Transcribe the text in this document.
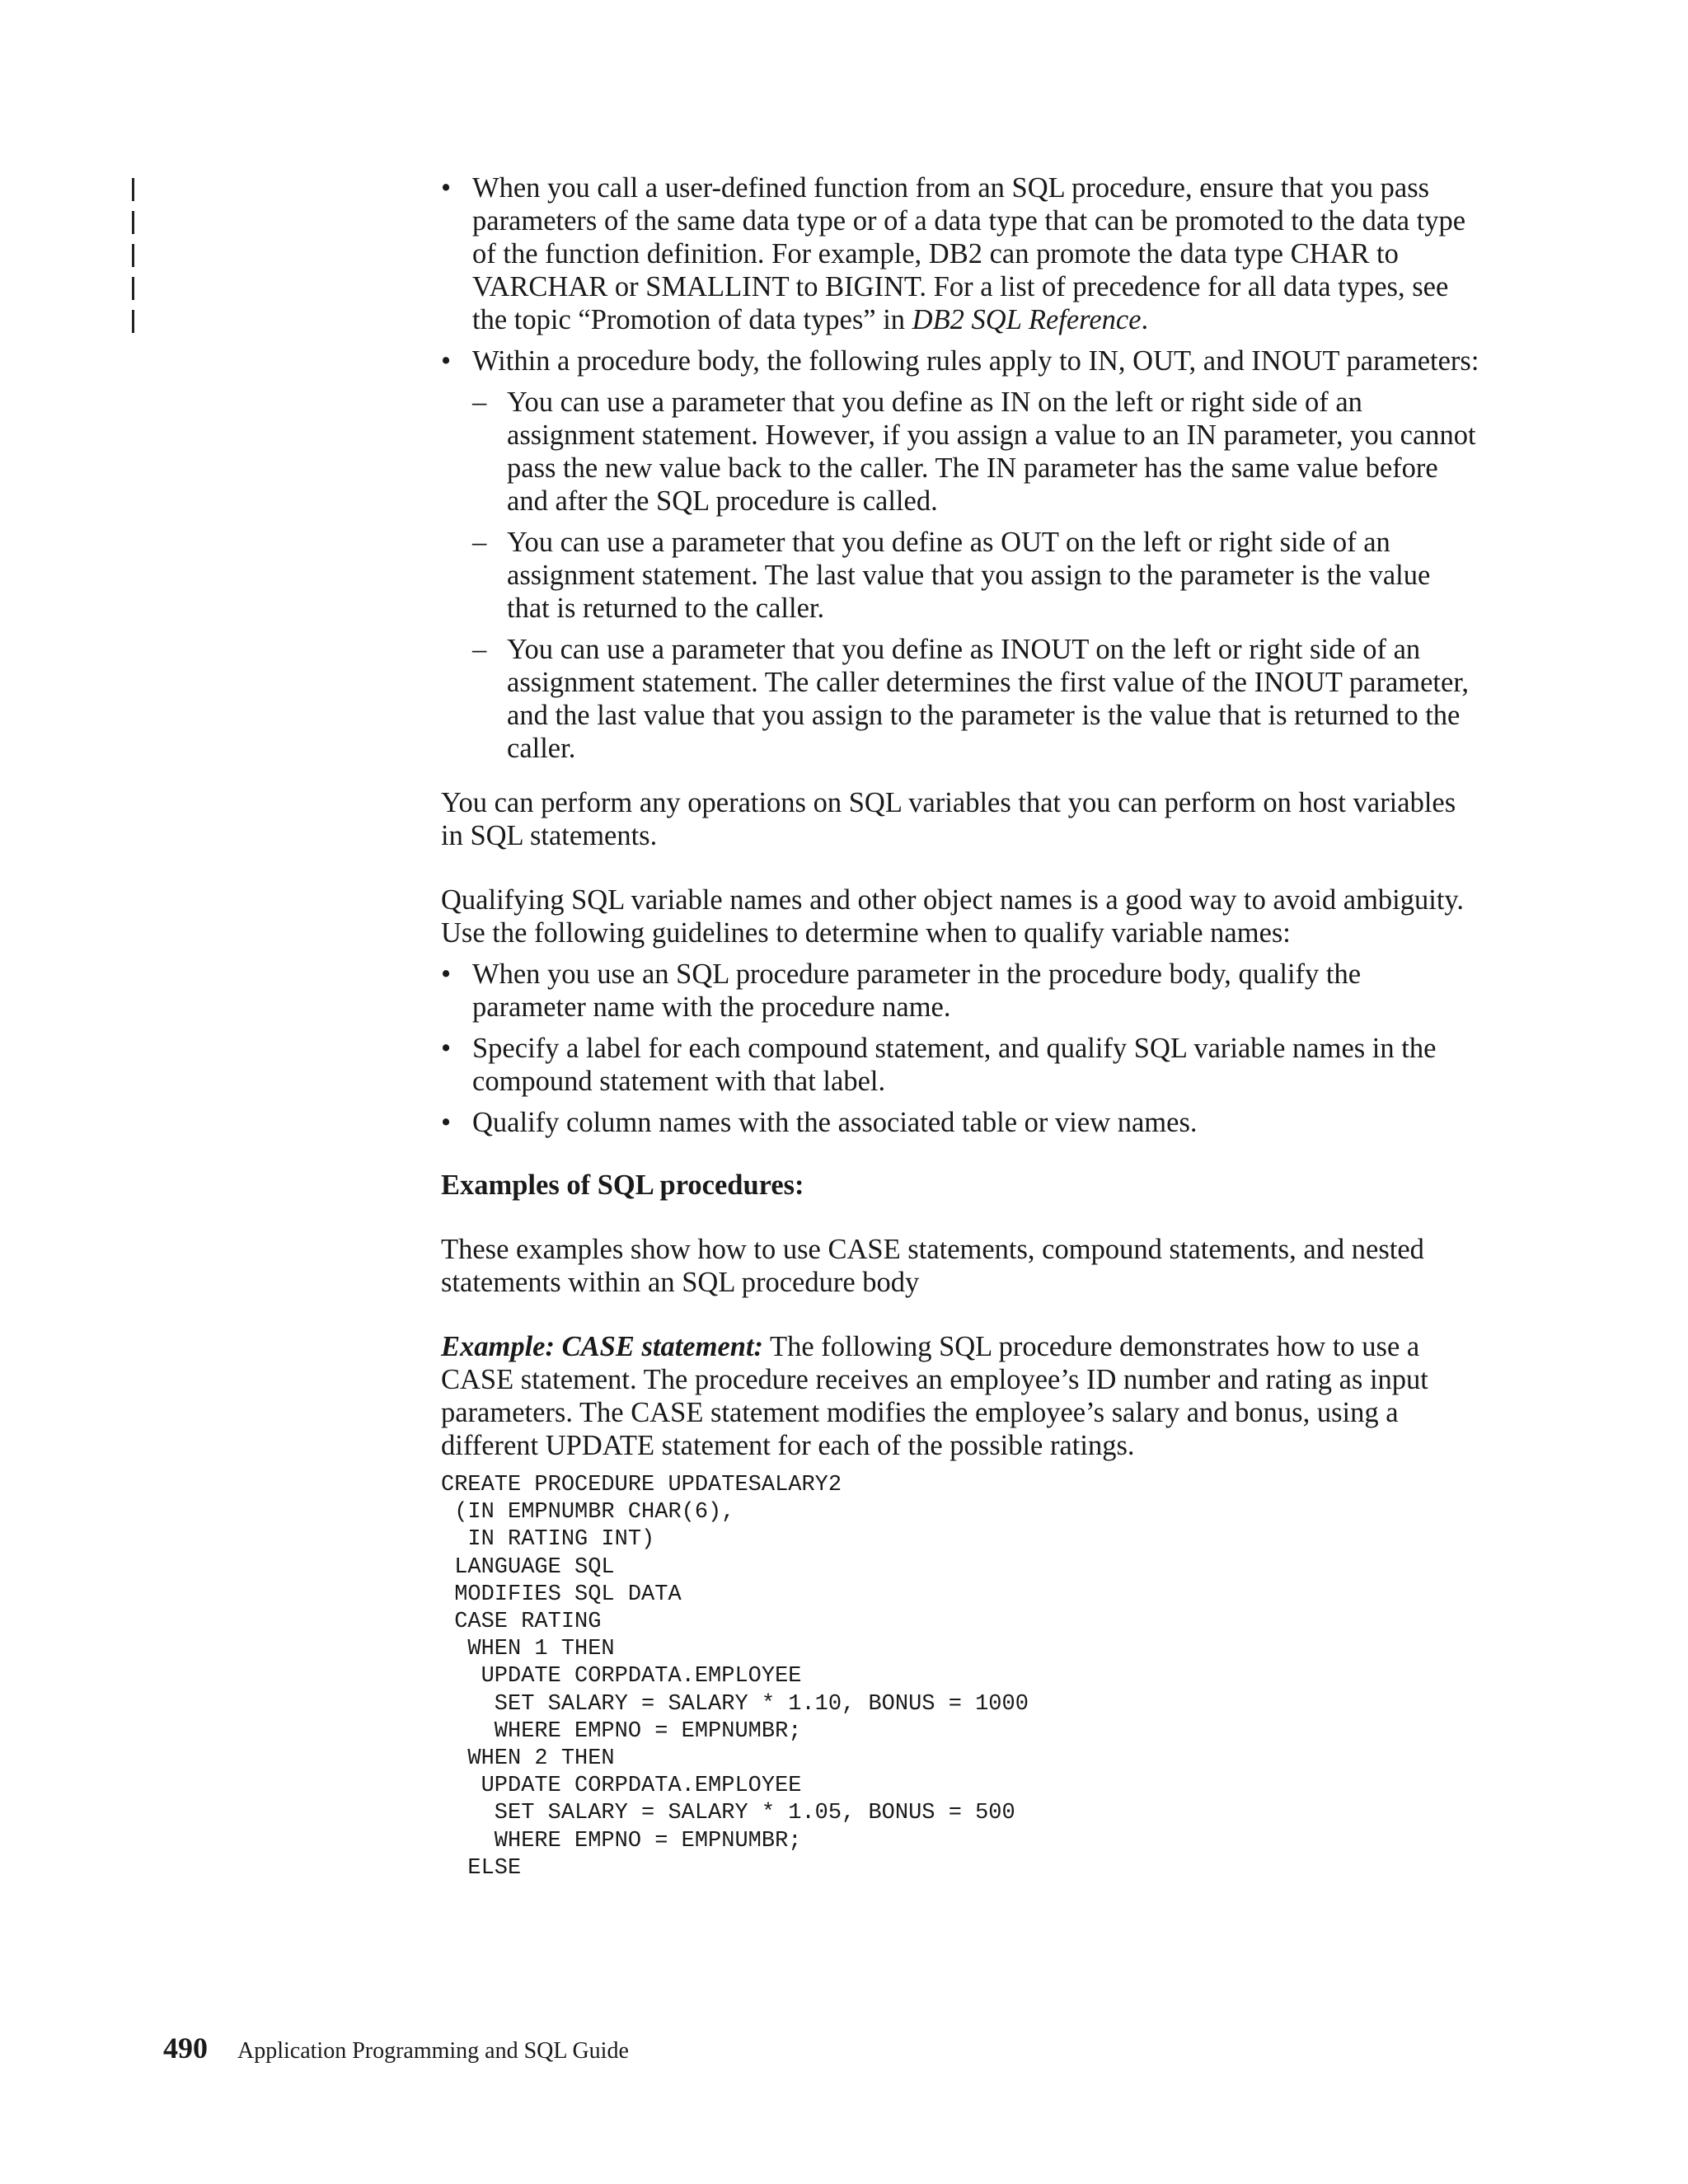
• When you call a user-defined function from an SQL procedure, ensure that you pass parameters of the same data type or of a data type that can be promoted to the data type of the function definition. For example, DB2 can promote the data type CHAR to VARCHAR or SMALLINT to BIGINT. For a list of precedence for all data types, see the topic “Promotion of data types” in DB2 SQL Reference.
• Within a procedure body, the following rules apply to IN, OUT, and INOUT parameters:
– You can use a parameter that you define as IN on the left or right side of an assignment statement. However, if you assign a value to an IN parameter, you cannot pass the new value back to the caller. The IN parameter has the same value before and after the SQL procedure is called.
– You can use a parameter that you define as OUT on the left or right side of an assignment statement. The last value that you assign to the parameter is the value that is returned to the caller.
– You can use a parameter that you define as INOUT on the left or right side of an assignment statement. The caller determines the first value of the INOUT parameter, and the last value that you assign to the parameter is the value that is returned to the caller.

You can perform any operations on SQL variables that you can perform on host variables in SQL statements.

Qualifying SQL variable names and other object names is a good way to avoid ambiguity. Use the following guidelines to determine when to qualify variable names:

• When you use an SQL procedure parameter in the procedure body, qualify the parameter name with the procedure name.
• Specify a label for each compound statement, and qualify SQL variable names in the compound statement with that label.
• Qualify column names with the associated table or view names.

Examples of SQL procedures:

These examples show how to use CASE statements, compound statements, and nested statements within an SQL procedure body

Example: CASE statement: The following SQL procedure demonstrates how to use a CASE statement. The procedure receives an employee’s ID number and rating as input parameters. The CASE statement modifies the employee’s salary and bonus, using a different UPDATE statement for each of the possible ratings.

CREATE PROCEDURE UPDATESALARY2
(IN EMPNUMBR CHAR(6),
IN RATING INT)
LANGUAGE SQL
MODIFIES SQL DATA
CASE RATING
WHEN 1 THEN
UPDATE CORPDATA.EMPLOYEE
SET SALARY = SALARY * 1.10, BONUS = 1000
WHERE EMPNO = EMPNUMBR;
WHEN 2 THEN
UPDATE CORPDATA.EMPLOYEE
SET SALARY = SALARY * 1.05, BONUS = 500
WHERE EMPNO = EMPNUMBR;
ELSE
490 Application Programming and SQL Guide
